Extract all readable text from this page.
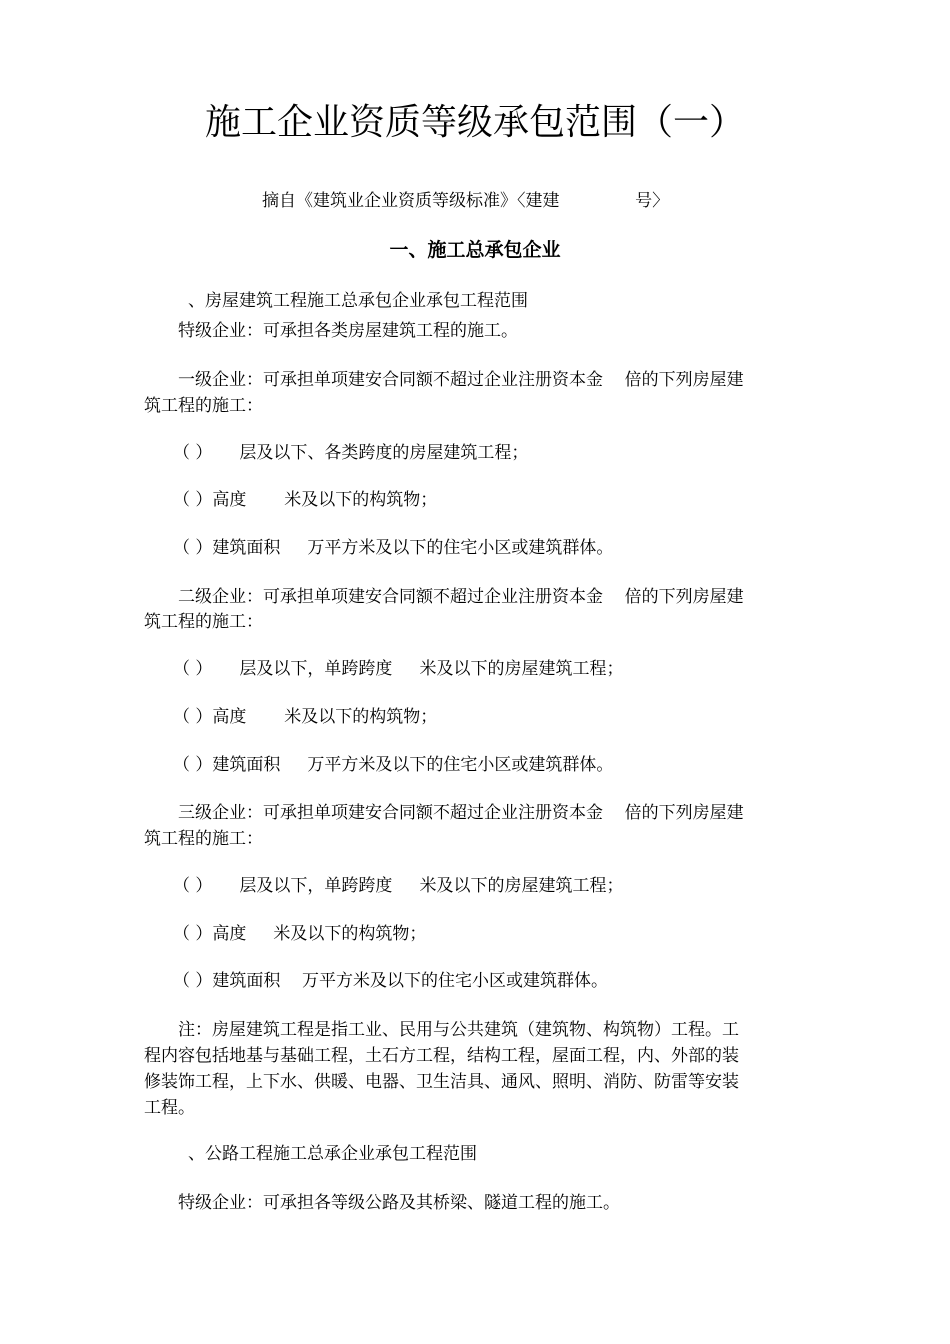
施工企业资质等级承包范围（一）
摘自《建筑业企业资质等级标准》〈建建              号〉
一、施工总承包企业
、房屋建筑工程施工总承包企业承包工程范围
特级企业：可承担各类房屋建筑工程的施工。
一级企业：可承担单项建安合同额不超过企业注册资本金    倍的下列房屋建
筑工程的施工：
（ ）     层及以下、各类跨度的房屋建筑工程；
（ ）高度       米及以下的构筑物；
（ ）建筑面积     万平方米及以下的住宅小区或建筑群体。
二级企业：可承担单项建安合同额不超过企业注册资本金    倍的下列房屋建
筑工程的施工：
（ ）     层及以下，单跨跨度     米及以下的房屋建筑工程；
（ ）高度       米及以下的构筑物；
（ ）建筑面积     万平方米及以下的住宅小区或建筑群体。
三级企业：可承担单项建安合同额不超过企业注册资本金    倍的下列房屋建
筑工程的施工：
（ ）     层及以下，单跨跨度     米及以下的房屋建筑工程；
（ ）高度     米及以下的构筑物；
（ ）建筑面积    万平方米及以下的住宅小区或建筑群体。
注：房屋建筑工程是指工业、民用与公共建筑（建筑物、构筑物）工程。工
程内容包括地基与基础工程，土石方工程，结构工程，屋面工程，内、外部的装
修装饰工程，上下水、供暖、电器、卫生洁具、通风、照明、消防、防雷等安装
工程。
、公路工程施工总承企业承包工程范围
特级企业：可承担各等级公路及其桥梁、隧道工程的施工。
